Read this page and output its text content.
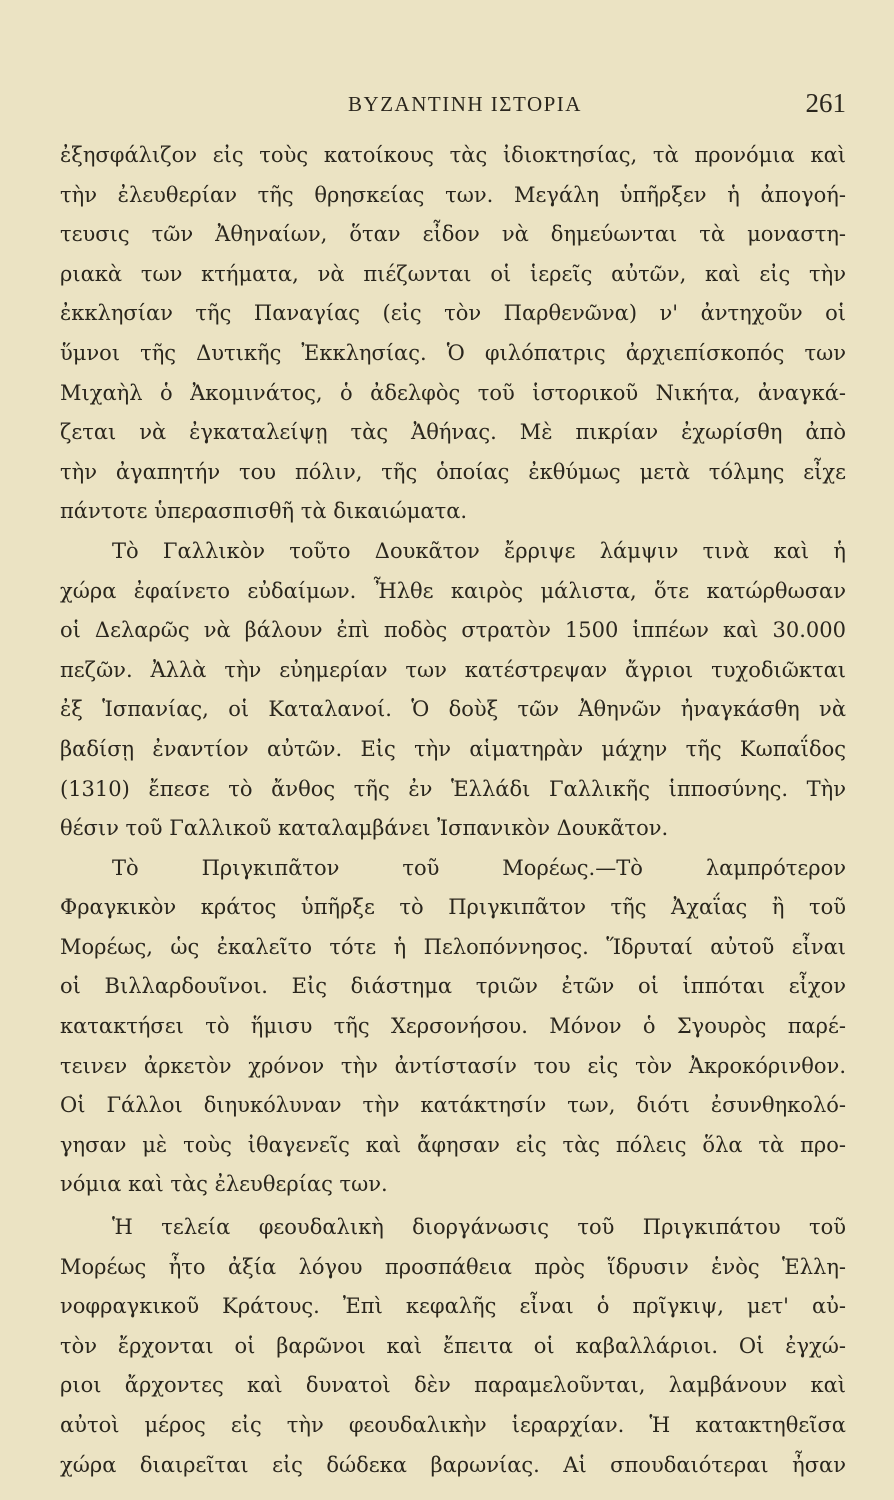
ΒΥΖΑΝΤΙΝΗ ΙΣΤΟΡΙΑ	261
ἐξησφάλιζον εἰς τοὺς κατοίκους τὰς ἰδιοκτησίας, τὰ προνόμια καὶ
τὴν ἐλευθερίαν τῆς θρησκείας των. Μεγάλη ὑπῆρξεν ἡ ἀπογοή-
τευσις τῶν Ἀθηναίων, ὅταν εἶδον νὰ δημεύωνται τὰ μοναστη-
ριακὰ των κτήματα, νὰ πιέζωνται οἱ ἱερεῖς αὐτῶν, καὶ εἰς τὴν
ἐκκλησίαν τῆς Παναγίας (εἰς τὸν Παρθενῶνα) ν' ἀντηχοῦν οἱ
ὕμνοι τῆς Δυτικῆς Ἐκκλησίας. Ὁ φιλόπατρις ἀρχιεπίσκοπός των
Μιχαὴλ ὁ Ἀκομινάτος, ὁ ἀδελφὸς τοῦ ἱστορικοῦ Νικήτα, ἀναγκά-
ζεται νὰ ἐγκαταλείψῃ τὰς Ἀθήνας. Μὲ πικρίαν ἐχωρίσθη ἀπὸ
τὴν ἀγαπητήν του πόλιν, τῆς ὁποίας ἐκθύμως μετὰ τόλμης εἶχε
πάντοτε ὑπερασπισθῆ τὰ δικαιώματα.
Τὸ Γαλλικὸν τοῦτο Δουκᾶτον ἔρριψε λάμψιν τινὰ καὶ ἡ
χώρα ἐφαίνετο εὐδαίμων. Ἦλθε καιρὸς μάλιστα, ὅτε κατώρθωσαν
οἱ Δελαρῶς νὰ βάλουν ἐπὶ ποδὸς στρατὸν 1500 ἱππέων καὶ 30.000
πεζῶν. Ἀλλὰ τὴν εὐημερίαν των κατέστρεψαν ἄγριοι τυχοδιῶκται
ἐξ Ἱσπανίας, οἱ Καταλανοί. Ὁ δοὺξ τῶν Ἀθηνῶν ἠναγκάσθη νὰ
βαδίσῃ ἐναντίον αὐτῶν. Εἰς τὴν αἱματηρὰν μάχην τῆς Κωπαΐδος
(1310) ἔπεσε τὸ ἄνθος τῆς ἐν Ἑλλάδι Γαλλικῆς ἱπποσύνης. Τὴν
θέσιν τοῦ Γαλλικοῦ καταλαμβάνει Ἰσπανικὸν Δουκᾶτον.
Τὸ Πριγκιπᾶτον τοῦ Μορέως.—Τὸ λαμπρότερον
Φραγκικὸν κράτος ὑπῆρξε τὸ Πριγκιπᾶτον τῆς Ἀχαΐας ἢ τοῦ
Μορέως, ὡς ἐκαλεῖτο τότε ἡ Πελοπόννησος. Ἵδρυταί αὐτοῦ εἶναι
οἱ Βιλλαρδουῖνοι. Εἰς διάστημα τριῶν ἐτῶν οἱ ἱππόται εἶχον
κατακτήσει τὸ ἥμισυ τῆς Χερσονήσου. Μόνον ὁ Σγουρὸς παρέ-
τεινεν ἀρκετὸν χρόνον τὴν ἀντίστασίν του εἰς τὸν Ἀκροκόρινθον.
Οἱ Γάλλοι διηυκόλυναν τὴν κατάκτησίν των, διότι ἐσυνθηκολό-
γησαν μὲ τοὺς ἰθαγενεῖς καὶ ἄφησαν εἰς τὰς πόλεις ὅλα τὰ προ-
νόμια καὶ τὰς ἐλευθερίας των.
Ἡ τελεία φεουδαλικὴ διοργάνωσις τοῦ Πριγκιπάτου τοῦ
Μορέως ἦτο ἀξία λόγου προσπάθεια πρὸς ἵδρυσιν ἑνὸς Ἑλλη-
νοφραγκικοῦ Κράτους. Ἐπὶ κεφαλῆς εἶναι ὁ πρῖγκιψ, μετ' αὐ-
τὸν ἔρχονται οἱ βαρῶνοι καὶ ἔπειτα οἱ καβαλλάριοι. Οἱ ἐγχώ-
ριοι ἄρχοντες καὶ δυνατοὶ δὲν παραμελοῦνται, λαμβάνουν καὶ
αὐτοὶ μέρος εἰς τὴν φεουδαλικὴν ἱεραρχίαν. Ἡ κατακτηθεῖσα
χώρα διαιρεῖται εἰς δώδεκα βαρωνίας. Αἱ σπουδαιότεραι ἦσαν
